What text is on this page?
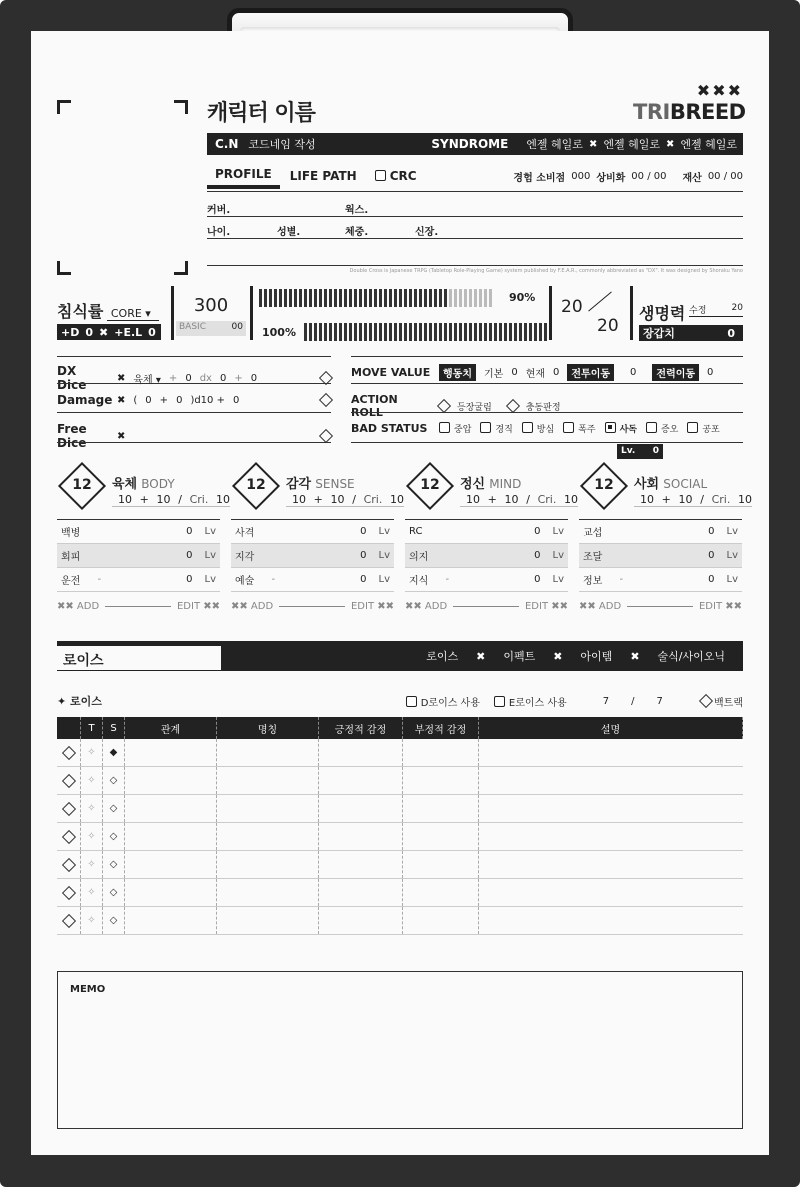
캐릭터 이름
✖✖✖
TRIBREED
C.N 코드네임 작성	SYNDROME 엔젤 헤일로 ✖ 엔젤 헤일로 ✖ 엔젤 헤일로
PROFILE	LIFE PATH	CRC	경험 소비점 000 상비화 00 / 00 재산 00 / 00
커버.	웍스.
나이.	성별.	체중.	신장.
Double Cross is Japanese TRPG (Tabletop Role-Playing Game) system published by F.E.A.R., commonly abbreviated as "DX". It was designed by Shoraku Yano
침식률 CORE ▾
+D 0 ✖ +E.L 0
300
BASIC	00
90%
100%
20
20
생명력 수정	20
장갑치	0
DX Dice	✖ 육체 ▾ + 0 dx 0 + 0
Damage ✖ ( 0 + 0 )d10 + 0
Free Dice	✖
MOVE VALUE	행동치	기본 0 현재 0	전투이동	0	전력이동	0
ACTION ROLL	등장굴림	충동판정
BAD STATUS	중압	경직	방심	폭주	사독	증오	공포
Lv. 0
12	육체 BODY
10 + 10 / Cri. 10
백병	0 Lv
회피	0 Lv
운전	-	0 Lv
✖✖ ADD	EDIT ✖✖
12	감각 SENSE
10 + 10 / Cri. 10
사격	0 Lv
지각	0 Lv
예술	-	0 Lv
✖✖ ADD	EDIT ✖✖
12	정신 MIND
10 + 10 / Cri. 10
RC	0 Lv
의지	0 Lv
지식	-	0 Lv
✖✖ ADD	EDIT ✖✖
12	사회 SOCIAL
10 + 10 / Cri. 10
교섭	0 Lv
조달	0 Lv
정보	-	0 Lv
✖✖ ADD	EDIT ✖✖
로이스	로이스 ✖ 이펙트 ✖ 아이템 ✖ 술식/사이오닉
✦ 로이스	D로이스 사용	E로이스 사용	7 / 7	백트랙
T	S	관계	명칭	긍정적 감정	부정적 감정	설명
✧	◆
✧	◇
✧	◇
✧	◇
✧	◇
✧	◇
✧	◇
MEMO
